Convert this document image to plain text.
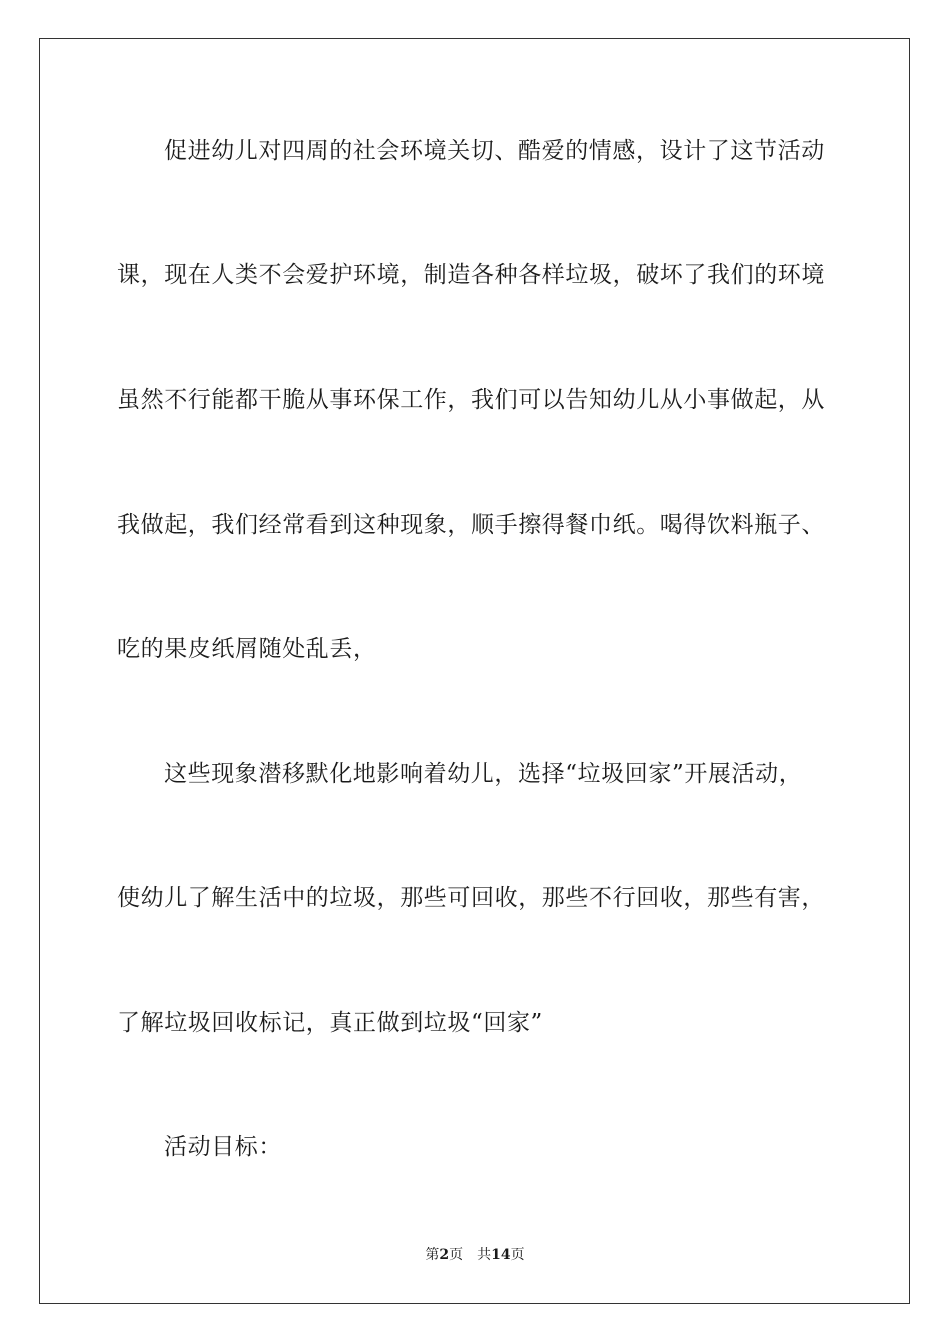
促进幼儿对四周的社会环境关切、酷爱的情感，设计了这节活动
课，现在人类不会爱护环境，制造各种各样垃圾，破坏了我们的环境
虽然不行能都干脆从事环保工作，我们可以告知幼儿从小事做起，从
我做起，我们经常看到这种现象，顺手擦得餐巾纸。喝得饮料瓶子、
吃的果皮纸屑随处乱丢，
这些现象潜移默化地影响着幼儿，选择“垃圾回家”开展活动，
使幼儿了解生活中的垃圾，那些可回收，那些不行回收，那些有害，
了解垃圾回收标记，真正做到垃圾“回家”
活动目标：
第2页 共14页
